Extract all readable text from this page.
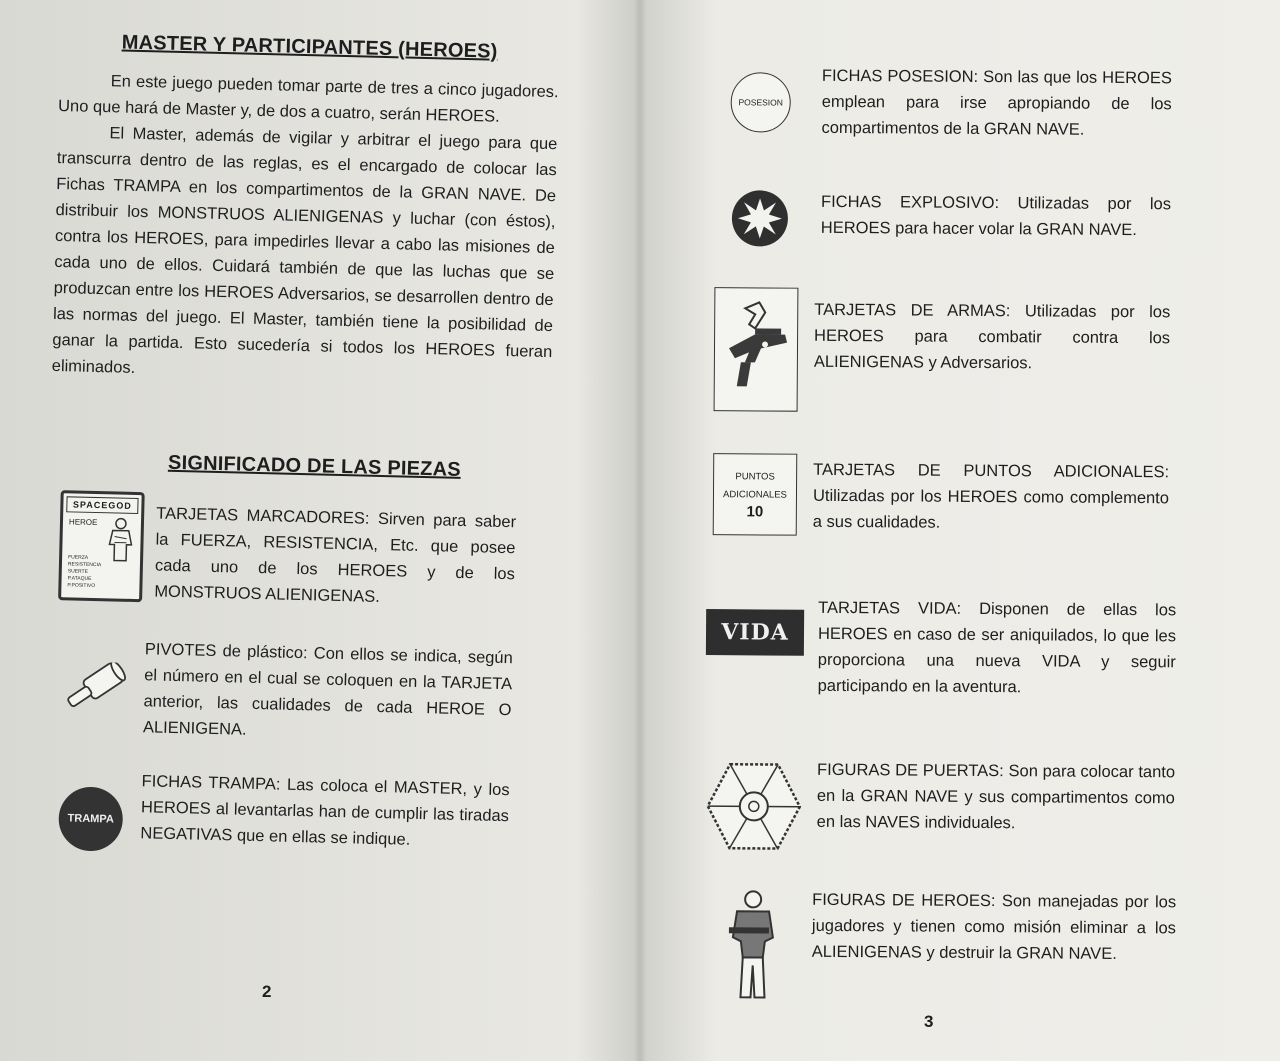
MASTER Y PARTICIPANTES (HEROES)

En este juego pueden tomar parte de tres a cinco jugadores. Uno que hará de Master y, de dos a cuatro, serán HEROES.

El Master, además de vigilar y arbitrar el juego para que transcurra dentro de las reglas, es el encargado de colocar las Fichas TRAMPA en los compartimentos de la GRAN NAVE. De distribuir los MONSTRUOS ALIENIGENAS y luchar (con éstos), contra los HEROES, para impedirles llevar a cabo las misiones de cada uno de ellos. Cuidará también de que las luchas que se produzcan entre los HEROES Adversarios, se desarrollen dentro de las normas del juego. El Master, también tiene la posibilidad de ganar la partida. Esto sucedería si todos los HEROES fueran eliminados.

SIGNIFICADO DE LAS PIEZAS
SPACEGOD
HEROE
FUERZA
RESISTENCIA
SUERTE
P.ATAQUE
P.POSITIVO
TARJETAS MARCADORES: Sirven para saber la FUERZA, RESISTENCIA, Etc. que posee cada uno de los HEROES y de los MONSTRUOS ALIENIGENAS.
PIVOTES de plástico: Con ellos se indica, según el número en el cual se coloquen en la TARJETA anterior, las cualidades de cada HEROE O ALIENIGENA.
TRAMPA
FICHAS TRAMPA: Las coloca el MASTER, y los HEROES al levantarlas han de cumplir las tiradas NEGATIVAS que en ellas se indique.
2
POSESION
FICHAS POSESION: Son las que los HEROES emplean para irse apropiando de los compartimentos de la GRAN NAVE.
FICHAS EXPLOSIVO: Utilizadas por los HEROES para hacer volar la GRAN NAVE.
TARJETAS DE ARMAS: Utilizadas por los HEROES para combatir contra los ALIENIGENAS y Adversarios.
PUNTOS
ADICIONALES
10
TARJETAS DE PUNTOS ADICIONALES: Utilizadas por los HEROES como complemento a sus cualidades.
VIDA
TARJETAS VIDA: Disponen de ellas los HEROES en caso de ser aniquilados, lo que les proporciona una nueva VIDA y seguir participando en la aventura.
FIGURAS DE PUERTAS: Son para colocar tanto en la GRAN NAVE y sus compartimentos como en las NAVES individuales.
FIGURAS DE HEROES: Son manejadas por los jugadores y tienen como misión eliminar a los ALIENIGENAS y destruir la GRAN NAVE.
3
